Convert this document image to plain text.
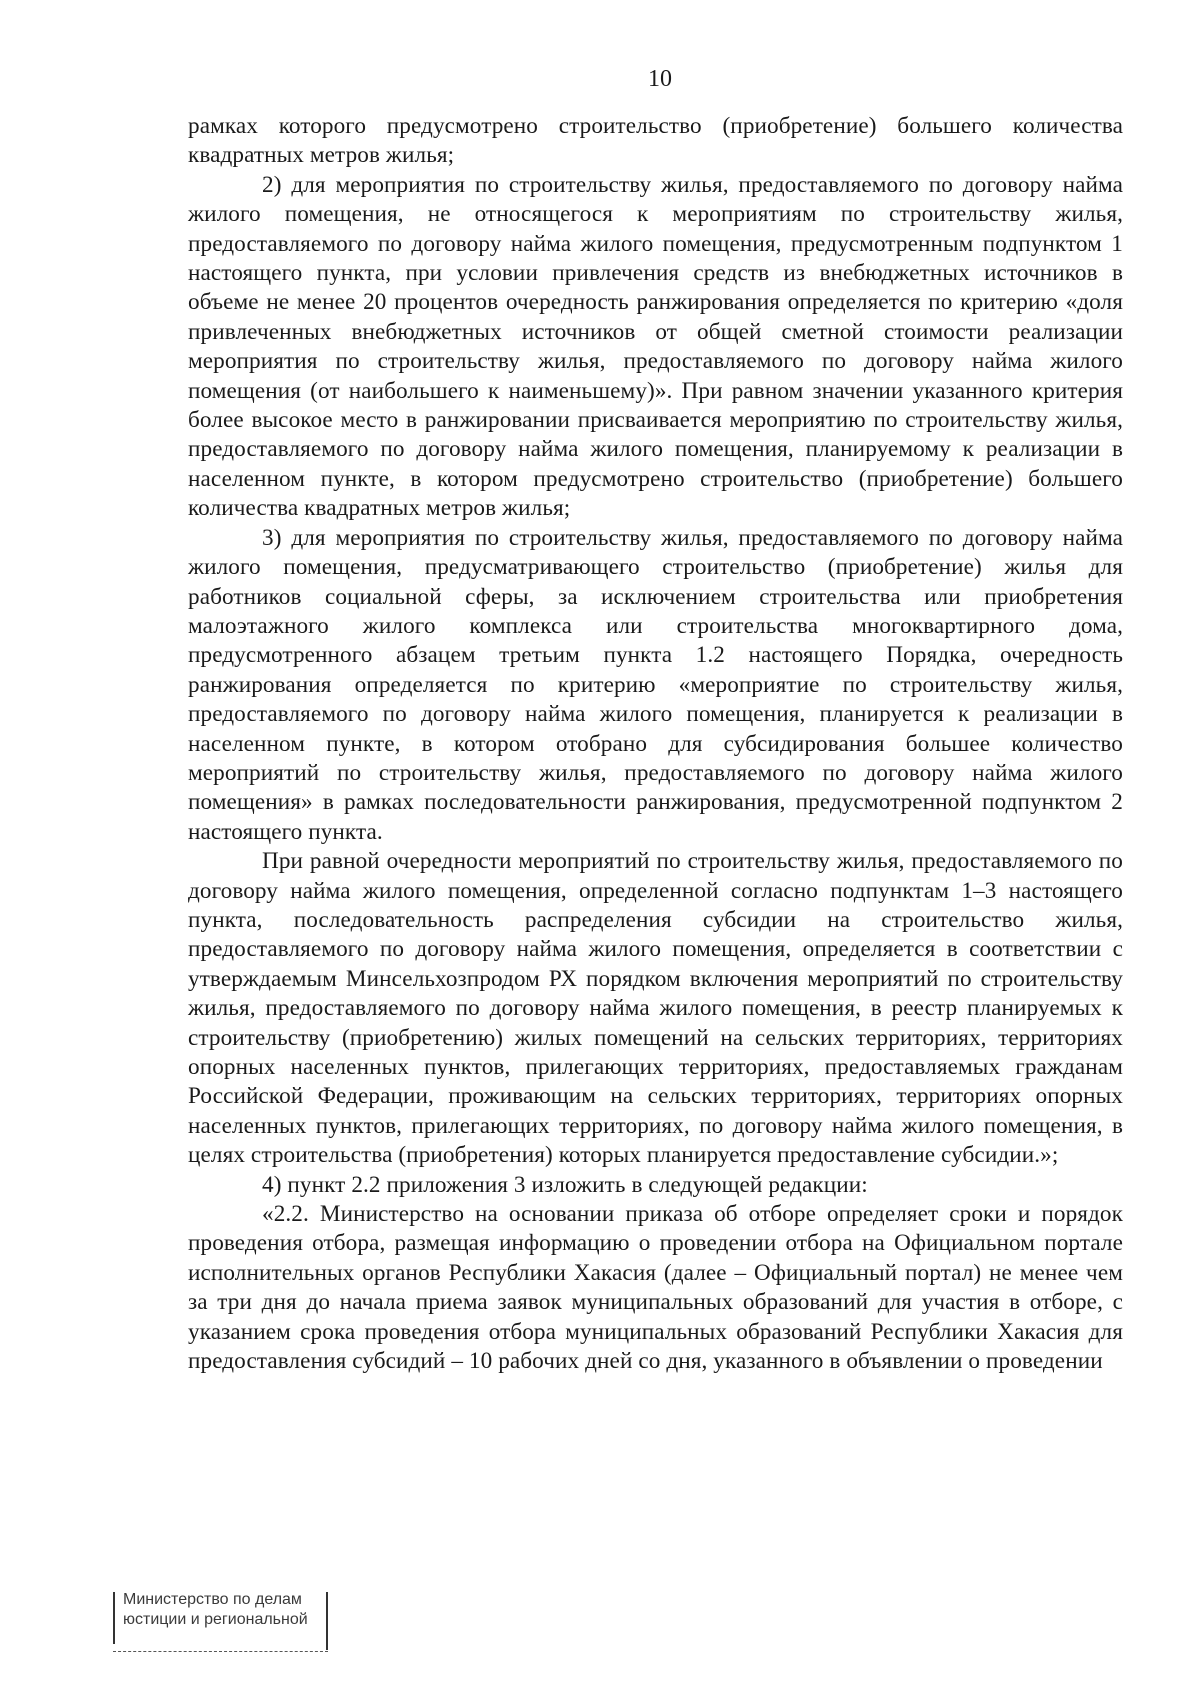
10

рамках которого предусмотрено строительство (приобретение) большего количества квадратных метров жилья;

2) для мероприятия по строительству жилья, предоставляемого по договору найма жилого помещения, не относящегося к мероприятиям по строительству жилья, предоставляемого по договору найма жилого помещения, предусмотренным подпунктом 1 настоящего пункта, при условии привлечения средств из внебюджетных источников в объеме не менее 20 процентов очередность ранжирования определяется по критерию «доля привлеченных внебюджетных источников от общей сметной стоимости реализации мероприятия по строительству жилья, предоставляемого по договору найма жилого помещения (от наибольшего к наименьшему)». При равном значении указанного критерия более высокое место в ранжировании присваивается мероприятию по строительству жилья, предоставляемого по договору найма жилого помещения, планируемому к реализации в населенном пункте, в котором предусмотрено строительство (приобретение) большего количества квадратных метров жилья;

3) для мероприятия по строительству жилья, предоставляемого по договору найма жилого помещения, предусматривающего строительство (приобретение) жилья для работников социальной сферы, за исключением строительства или приобретения малоэтажного жилого комплекса или строительства многоквартирного дома, предусмотренного абзацем третьим пункта 1.2 настоящего Порядка, очередность ранжирования определяется по критерию «мероприятие по строительству жилья, предоставляемого по договору найма жилого помещения, планируется к реализации в населенном пункте, в котором отобрано для субсидирования большее количество мероприятий по строительству жилья, предоставляемого по договору найма жилого помещения» в рамках последовательности ранжирования, предусмотренной подпунктом 2 настоящего пункта.

При равной очередности мероприятий по строительству жилья, предоставляемого по договору найма жилого помещения, определенной согласно подпунктам 1–3 настоящего пункта, последовательность распределения субсидии на строительство жилья, предоставляемого по договору найма жилого помещения, определяется в соответствии с утверждаемым Минсельхозпродом РХ порядком включения мероприятий по строительству жилья, предоставляемого по договору найма жилого помещения, в реестр планируемых к строительству (приобретению) жилых помещений на сельских территориях, территориях опорных населенных пунктов, прилегающих территориях, предоставляемых гражданам Российской Федерации, проживающим на сельских территориях, территориях опорных населенных пунктов, прилегающих территориях, по договору найма жилого помещения, в целях строительства (приобретения) которых планируется предоставление субсидии.»;

4) пункт 2.2 приложения 3 изложить в следующей редакции:

«2.2. Министерство на основании приказа об отборе определяет сроки и порядок проведения отбора, размещая информацию о проведении отбора на Официальном портале исполнительных органов Республики Хакасия (далее – Официальный портал) не менее чем за три дня до начала приема заявок муниципальных образований для участия в отборе, с указанием срока проведения отбора муниципальных образований Республики Хакасия для предоставления субсидий – 10 рабочих дней со дня, указанного в объявлении о проведении

Министерство по делам
юстиции и региональной
